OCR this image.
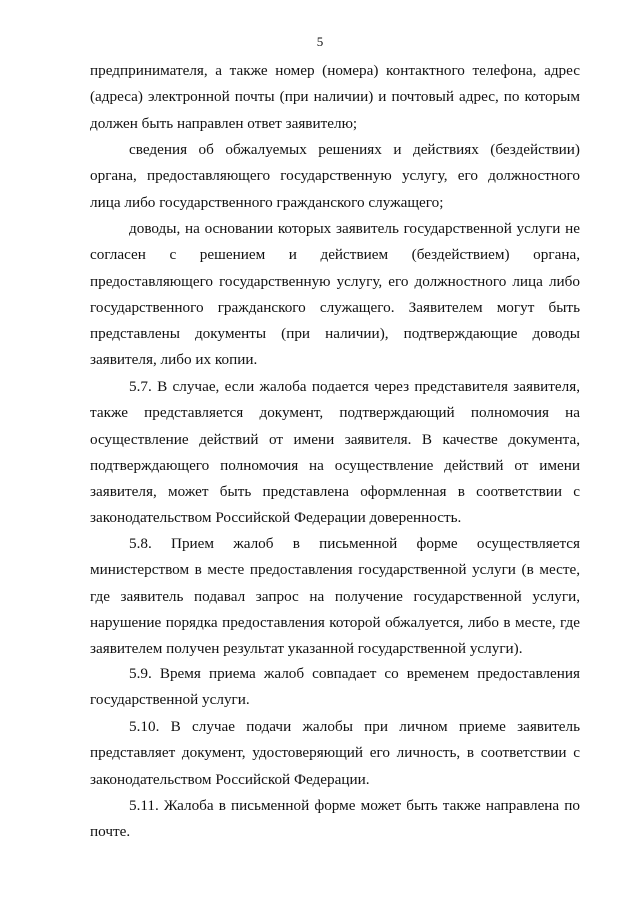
5
предпринимателя, а также номер (номера) контактного телефона, адрес
(адреса) электронной почты (при наличии) и почтовый адрес, по которым
должен быть направлен ответ заявителю;
сведения об обжалуемых решениях и действиях (бездействии)
органа, предоставляющего государственную услугу, его должностного
лица либо государственного гражданского служащего;
доводы, на основании которых заявитель государственной услуги не
согласен с решением и действием (бездействием) органа,
предоставляющего государственную услугу, его должностного лица либо
государственного гражданского служащего. Заявителем могут быть
представлены документы (при наличии), подтверждающие доводы
заявителя, либо их копии.
5.7. В случае, если жалоба подается через представителя заявителя,
также представляется документ, подтверждающий полномочия на
осуществление действий от имени заявителя. В качестве документа,
подтверждающего полномочия на осуществление действий от имени
заявителя, может быть представлена оформленная в соответствии с
законодательством Российской Федерации доверенность.
5.8. Прием жалоб в письменной форме осуществляется
министерством в месте предоставления государственной услуги (в месте,
где заявитель подавал запрос на получение государственной услуги,
нарушение порядка предоставления которой обжалуется, либо в месте, где
заявителем получен результат указанной государственной услуги).
5.9. Время приема жалоб совпадает со временем предоставления
государственной услуги.
5.10. В случае подачи жалобы при личном приеме заявитель
представляет документ, удостоверяющий его личность, в соответствии с
законодательством Российской Федерации.
5.11. Жалоба в письменной форме может быть также направлена по
почте.
